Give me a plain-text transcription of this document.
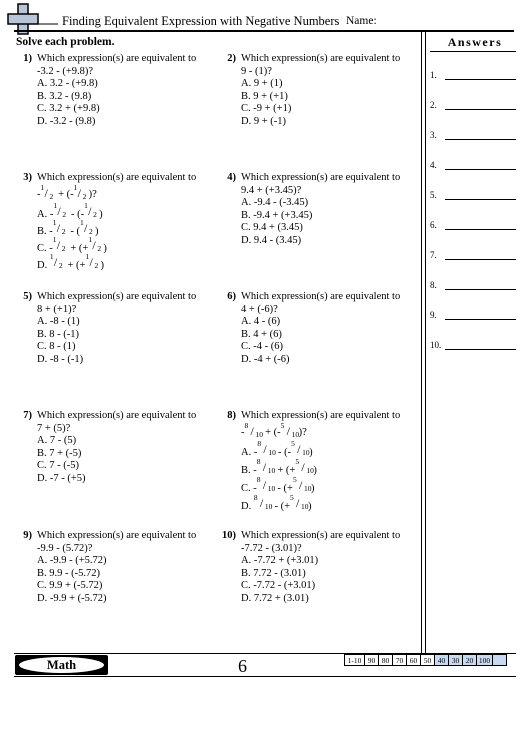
Finding Equivalent Expression with Negative Numbers Name:
Solve each problem.	Answers
1.
2.
3.
4.
5.
6.
7.
8.
9.
10.
1) Which expression(s) are equivalent to
-3.2 - (+9.8)?
A. 3.2 - (+9.8)
B. 3.2 - (9.8)
C. 3.2 + (+9.8)
D. -3.2 - (9.8)
2) Which expression(s) are equivalent to
9 - (1)?
A. 9 + (1)
B. 9 + (+1)
C. -9 + (+1)
D. 9 + (-1)
3) Which expression(s) are equivalent to
-
1 / 2 + (-
1 / 2 )?
A. -
1 / 2 - (-
1 / 2 )
B. -
1 / 2 - (
1 / 2 )
C. -
1 / 2 + (+
1 / 2 )
D.
1 / 2 + (+
1 / 2 )
4) Which expression(s) are equivalent to
9.4 + (+3.45)?
A. -9.4 - (-3.45)
B. -9.4 + (+3.45)
C. 9.4 + (3.45)
D. 9.4 - (3.45)
5) Which expression(s) are equivalent to
8 + (+1)?
A. -8 - (1)
B. 8 - (-1)
C. 8 - (1)
D. -8 - (-1)
6) Which expression(s) are equivalent to
4 + (-6)?
A. 4 - (6)
B. 4 + (6)
C. -4 - (6)
D. -4 + (-6)
7) Which expression(s) are equivalent to
7 + (5)?
A. 7 - (5)
B. 7 + (-5)
C. 7 - (-5)
D. -7 - (+5)
8) Which expression(s) are equivalent to
-
8 / 10 + (-
5 / 10 )?
A. -
8 / 10 - (-
5 / 10 )
B. -
8 / 10 + (+
5 / 10 )
C. -
8 / 10 - (+
5 / 10 )
D.
8 / 10 - (+
5 / 10 )
9) Which expression(s) are equivalent to
-9.9 - (5.72)?
A. -9.9 - (+5.72)
B. 9.9 - (-5.72)
C. 9.9 + (-5.72)
D. -9.9 + (-5.72)
10) Which expression(s) are equivalent to
-7.72 - (3.01)?
A. -7.72 + (+3.01)
B. 7.72 - (3.01)
C. -7.72 - (+3.01)
D. 7.72 + (3.01)
Math	6	1-10 90 80 70 60 50 40 30 20 100
